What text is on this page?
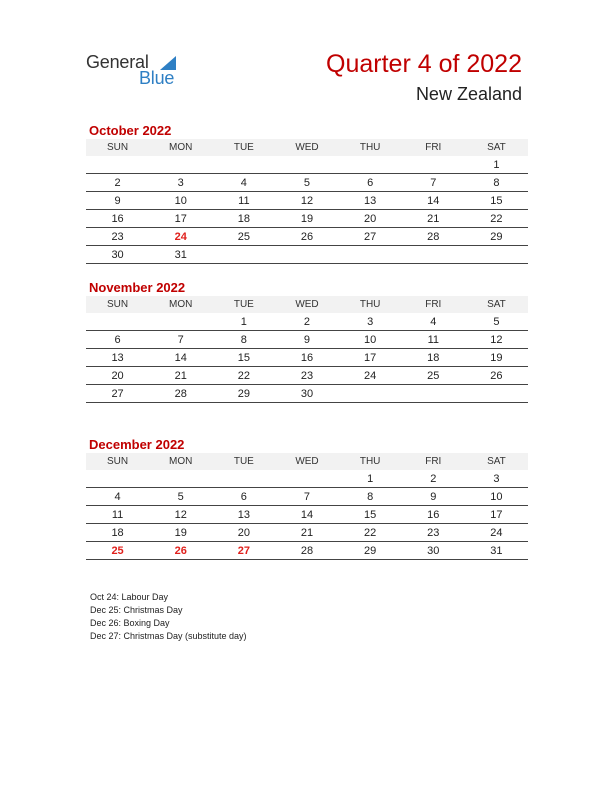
General
Blue	Quarter 4 of 2022
New Zealand
October 2022
SUN	MON	TUE	WED	THU	FRI	SAT
						1
2	3	4	5	6	7	8
9	10	11	12	13	14	15
16	17	18	19	20	21	22
23	24	25	26	27	28	29
30	31					
November 2022
SUN	MON	TUE	WED	THU	FRI	SAT
		1	2	3	4	5
6	7	8	9	10	11	12
13	14	15	16	17	18	19
20	21	22	23	24	25	26
27	28	29	30			
December 2022
SUN	MON	TUE	WED	THU	FRI	SAT
				1	2	3
4	5	6	7	8	9	10
11	12	13	14	15	16	17
18	19	20	21	22	23	24
25	26	27	28	29	30	31
Oct 24: Labour Day
Dec 25: Christmas Day
Dec 26: Boxing Day
Dec 27: Christmas Day (substitute day)
